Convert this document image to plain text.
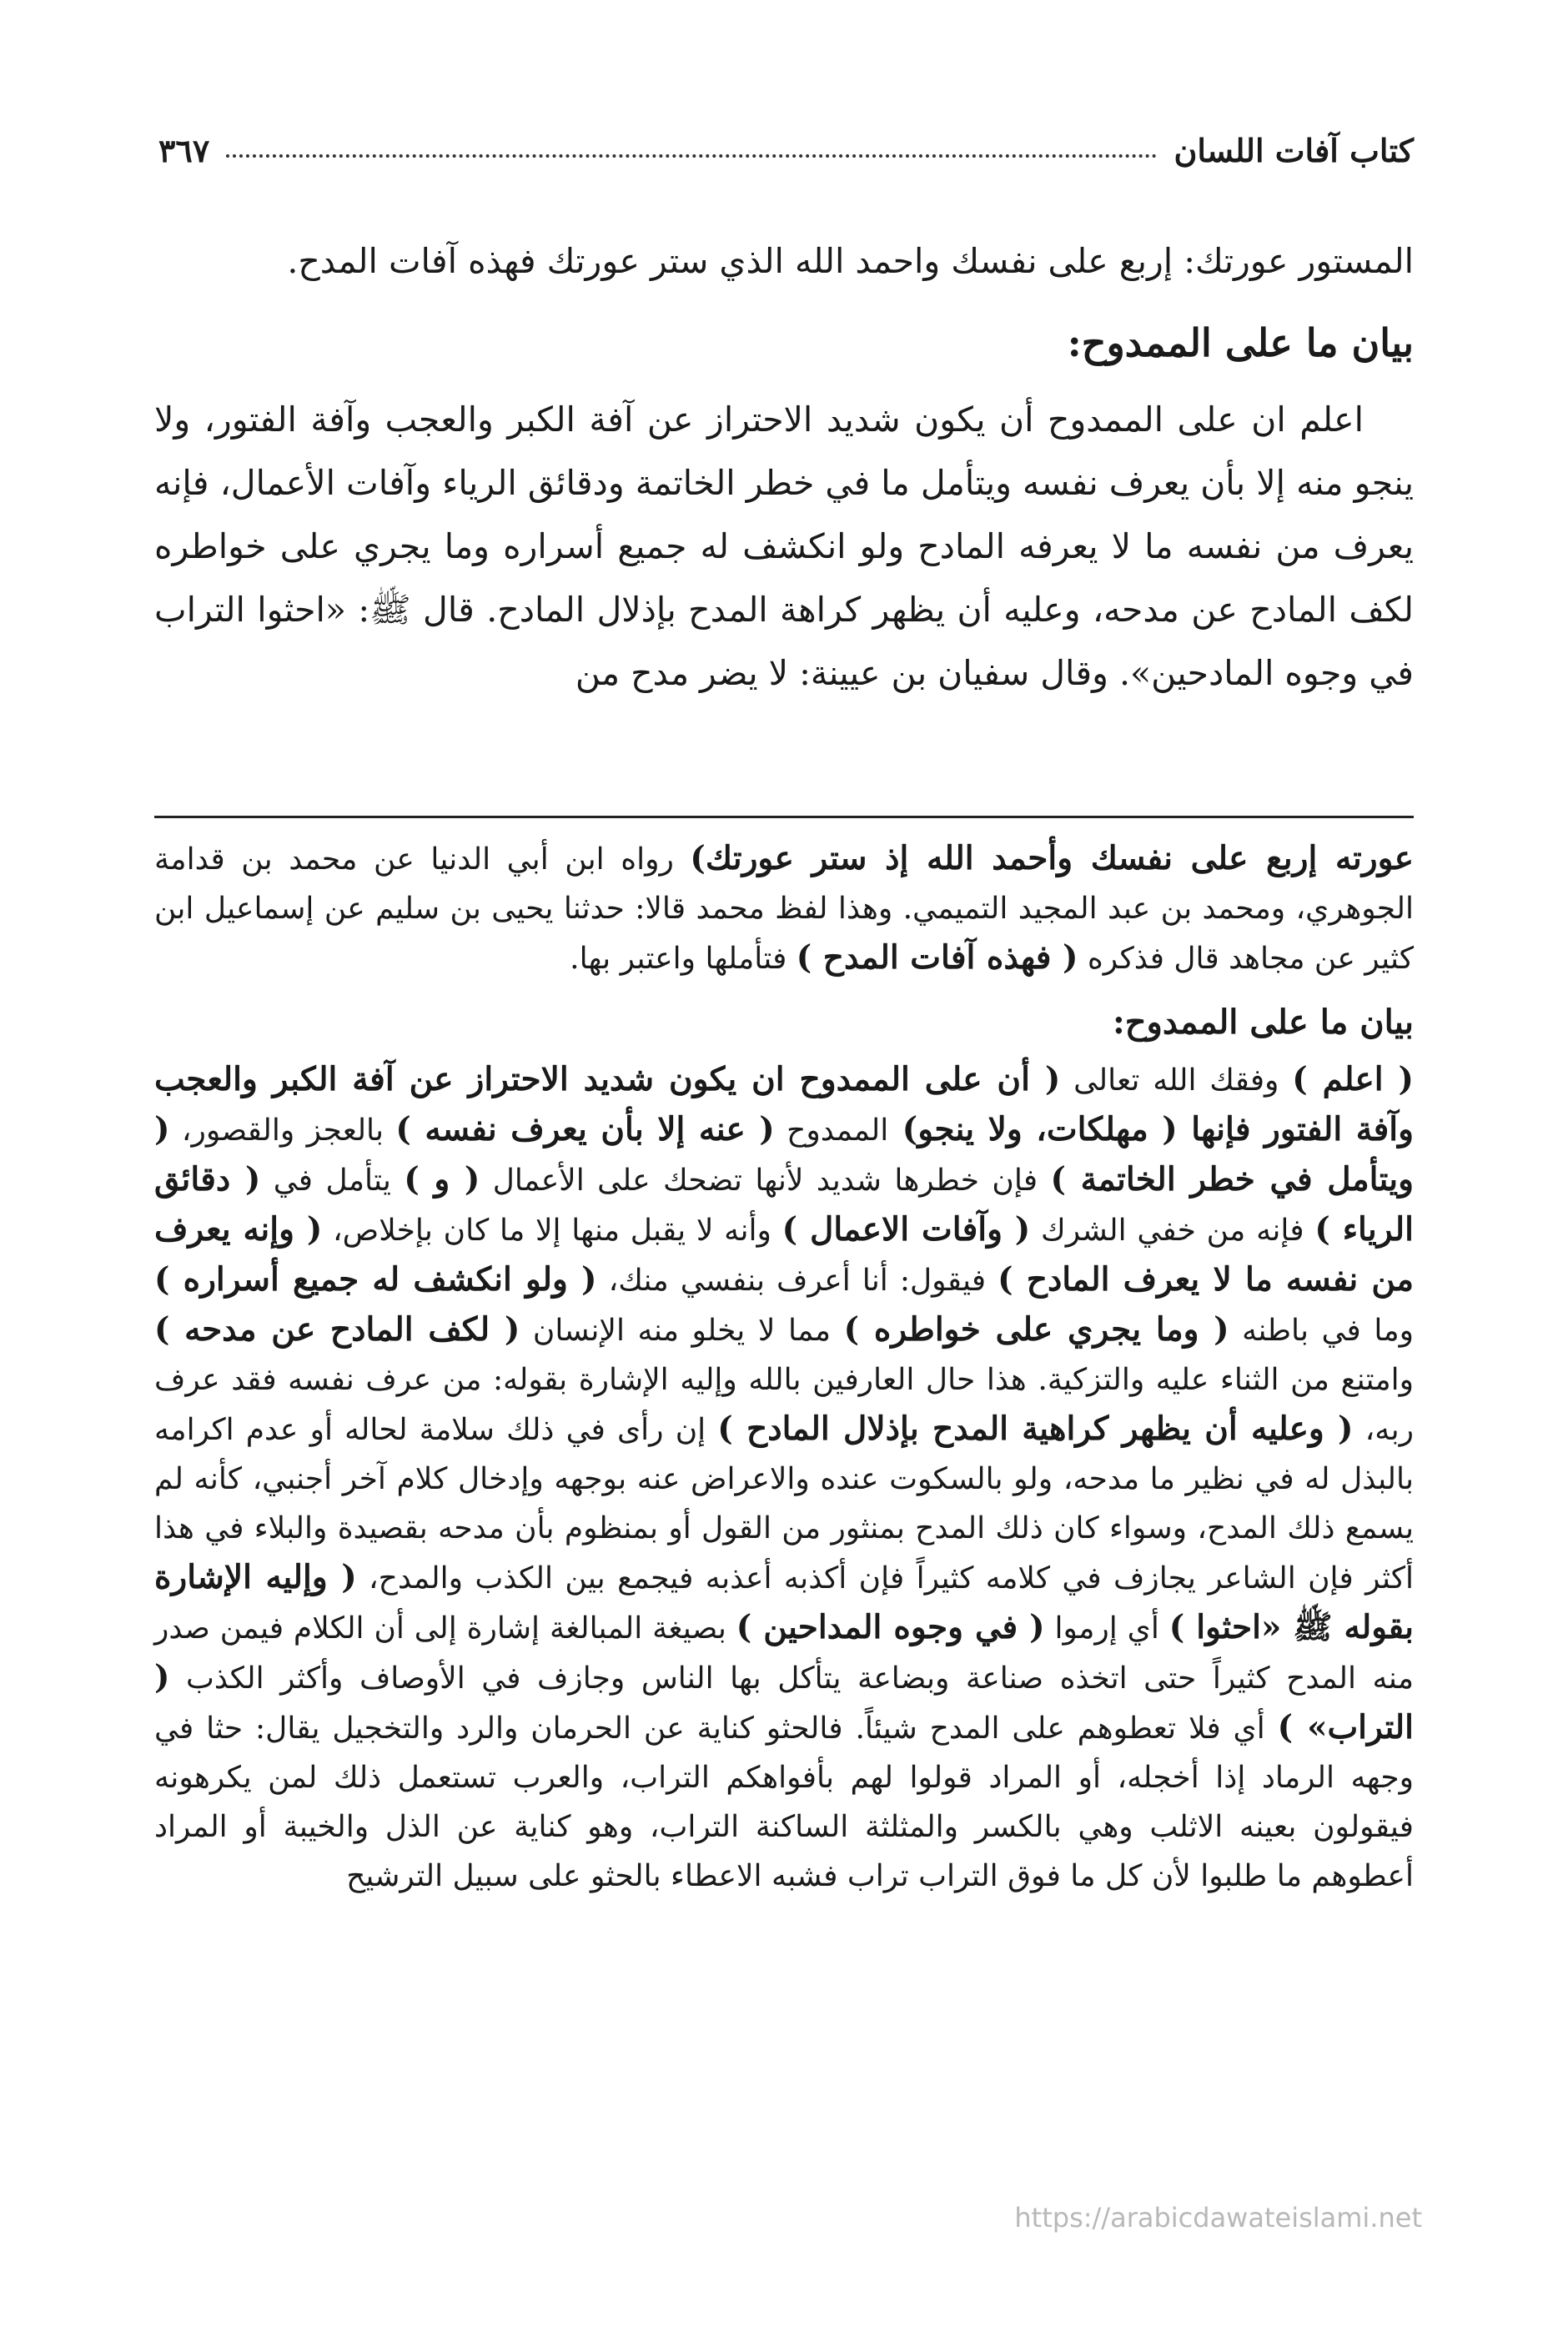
كتاب آفات اللسان
٣٦٧

المستور عورتك: إربع على نفسك واحمد الله الذي ستر عورتك فهذه آفات المدح.

بيان ما على الممدوح:

اعلم ان على الممدوح أن يكون شديد الاحتراز عن آفة الكبر والعجب وآفة الفتور، ولا ينجو منه إلا بأن يعرف نفسه ويتأمل ما في خطر الخاتمة ودقائق الرياء وآفات الأعمال، فإنه يعرف من نفسه ما لا يعرفه المادح ولو انكشف له جميع أسراره وما يجري على خواطره لكف المادح عن مدحه، وعليه أن يظهر كراهة المدح بإذلال المادح. قال ﷺ: «احثوا التراب في وجوه المادحين». وقال سفيان بن عيينة: لا يضر مدح من

عورته إربع على نفسك وأحمد الله إذ ستر عورتك) رواه ابن أبي الدنيا عن محمد بن قدامة الجوهري، ومحمد بن عبد المجيد التميمي. وهذا لفظ محمد قالا: حدثنا يحيى بن سليم عن إسماعيل ابن كثير عن مجاهد قال فذكره ( فهذه آفات المدح ) فتأملها واعتبر بها.

بيان ما على الممدوح:

( اعلم ) وفقك الله تعالى ( أن على الممدوح ان يكون شديد الاحتراز عن آفة الكبر والعجب وآفة الفتور فإنها ( مهلكات، ولا ينجو) الممدوح ( عنه إلا بأن يعرف نفسه ) بالعجز والقصور، ( ويتأمل في خطر الخاتمة ) فإن خطرها شديد لأنها تضحك على الأعمال ( و ) يتأمل في ( دقائق الرياء ) فإنه من خفي الشرك ( وآفات الاعمال ) وأنه لا يقبل منها إلا ما كان بإخلاص، ( وإنه يعرف من نفسه ما لا يعرف المادح ) فيقول: أنا أعرف بنفسي منك، ( ولو انكشف له جميع أسراره ) وما في باطنه ( وما يجري على خواطره ) مما لا يخلو منه الإنسان ( لكف المادح عن مدحه ) وامتنع من الثناء عليه والتزكية. هذا حال العارفين بالله وإليه الإشارة بقوله: من عرف نفسه فقد عرف ربه، ( وعليه أن يظهر كراهية المدح بإذلال المادح ) إن رأى في ذلك سلامة لحاله أو عدم اكرامه بالبذل له في نظير ما مدحه، ولو بالسكوت عنده والاعراض عنه بوجهه وإدخال كلام آخر أجنبي، كأنه لم يسمع ذلك المدح، وسواء كان ذلك المدح بمنثور من القول أو بمنظوم بأن مدحه بقصيدة والبلاء في هذا أكثر فإن الشاعر يجازف في كلامه كثيراً فإن أكذبه أعذبه فيجمع بين الكذب والمدح، ( وإليه الإشارة بقوله ﷺ «احثوا ) أي إرموا ( في وجوه المداحين ) بصيغة المبالغة إشارة إلى أن الكلام فيمن صدر منه المدح كثيراً حتى اتخذه صناعة وبضاعة يتأكل بها الناس وجازف في الأوصاف وأكثر الكذب ( التراب» ) أي فلا تعطوهم على المدح شيئاً. فالحثو كناية عن الحرمان والرد والتخجيل يقال: حثا في وجهه الرماد إذا أخجله، أو المراد قولوا لهم بأفواهكم التراب، والعرب تستعمل ذلك لمن يكرهونه فيقولون بعينه الاثلب وهي بالكسر والمثلثة الساكنة التراب، وهو كناية عن الذل والخيبة أو المراد أعطوهم ما طلبوا لأن كل ما فوق التراب تراب فشبه الاعطاء بالحثو على سبيل الترشيح

https://arabicdawateislami.net
